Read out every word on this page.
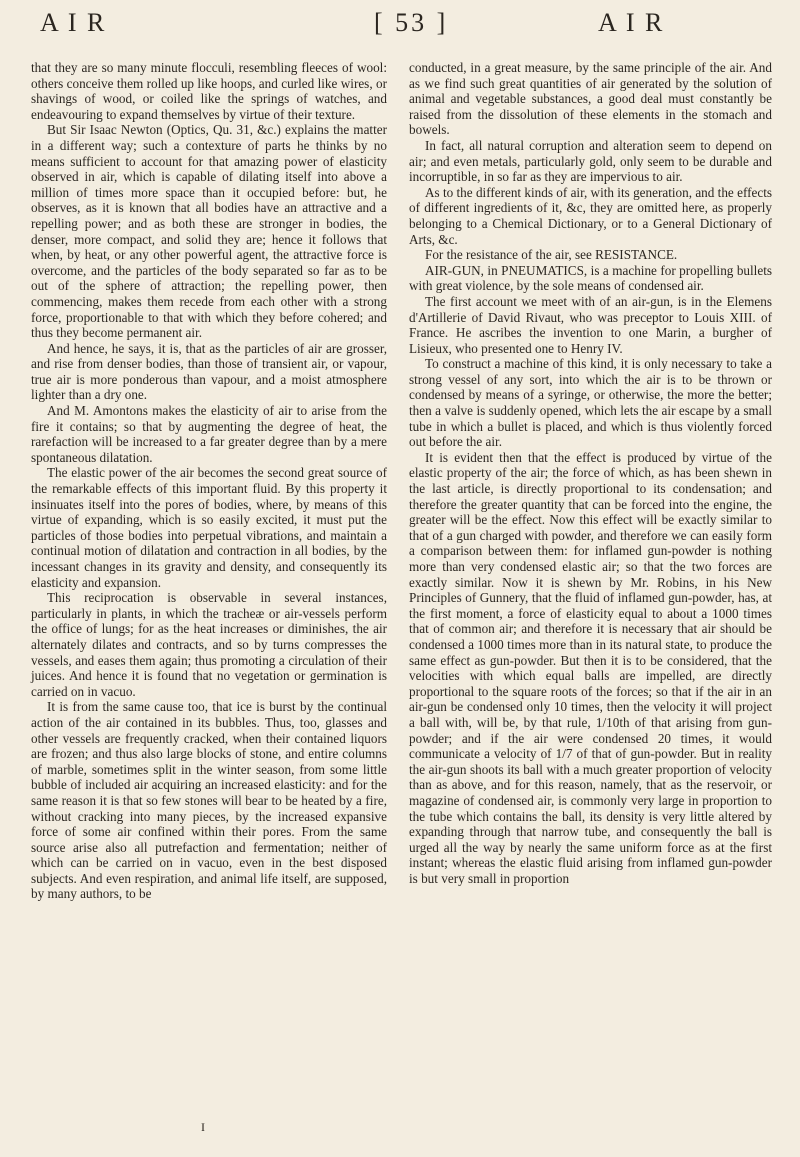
A I R	[ 53 ]	A I R

that they are so many minute flocculi, resembling fleeces of wool: others conceive them rolled up like hoops, and curled like wires, or shavings of wood, or coiled like the springs of watches, and endeavouring to expand themselves by virtue of their texture.

But Sir Isaac Newton (Optics, Qu. 31, &c.) explains the matter in a different way; such a contexture of parts he thinks by no means sufficient to account for that amazing power of elasticity observed in air, which is capable of dilating itself into above a million of times more space than it occupied before: but, he observes, as it is known that all bodies have an attractive and a repelling power; and as both these are stronger in bodies, the denser, more compact, and solid they are; hence it follows that when, by heat, or any other powerful agent, the attractive force is overcome, and the particles of the body separated so far as to be out of the sphere of attraction; the repelling power, then commencing, makes them recede from each other with a strong force, proportionable to that with which they before cohered; and thus they become permanent air.

And hence, he says, it is, that as the particles of air are grosser, and rise from denser bodies, than those of transient air, or vapour, true air is more ponderous than vapour, and a moist atmosphere lighter than a dry one.

And M. Amontons makes the elasticity of air to arise from the fire it contains; so that by augmenting the degree of heat, the rarefaction will be increased to a far greater degree than by a mere spontaneous dilatation.

The elastic power of the air becomes the second great source of the remarkable effects of this important fluid. By this property it insinuates itself into the pores of bodies, where, by means of this virtue of expanding, which is so easily excited, it must put the particles of those bodies into perpetual vibrations, and maintain a continual motion of dilatation and contraction in all bodies, by the incessant changes in its gravity and density, and consequently its elasticity and expansion.

This reciprocation is observable in several instances, particularly in plants, in which the tracheæ or air-vessels perform the office of lungs; for as the heat increases or diminishes, the air alternately dilates and contracts, and so by turns compresses the vessels, and eases them again; thus promoting a circulation of their juices. And hence it is found that no vegetation or germination is carried on in vacuo.

It is from the same cause too, that ice is burst by the continual action of the air contained in its bubbles. Thus, too, glasses and other vessels are frequently cracked, when their contained liquors are frozen; and thus also large blocks of stone, and entire columns of marble, sometimes split in the winter season, from some little bubble of included air acquiring an increased elasticity: and for the same reason it is that so few stones will bear to be heated by a fire, without cracking into many pieces, by the increased expansive force of some air confined within their pores. From the same source arise also all putrefaction and fermentation; neither of which can be carried on in vacuo, even in the best disposed subjects. And even respiration, and animal life itself, are supposed, by many authors, to be

conducted, in a great measure, by the same principle of the air. And as we find such great quantities of air generated by the solution of animal and vegetable substances, a good deal must constantly be raised from the dissolution of these elements in the stomach and bowels.

In fact, all natural corruption and alteration seem to depend on air; and even metals, particularly gold, only seem to be durable and incorruptible, in so far as they are impervious to air.

As to the different kinds of air, with its generation, and the effects of different ingredients of it, &c, they are omitted here, as properly belonging to a Chemical Dictionary, or to a General Dictionary of Arts, &c.

For the resistance of the air, see RESISTANCE.

AIR-GUN, in PNEUMATICS, is a machine for propelling bullets with great violence, by the sole means of condensed air.

The first account we meet with of an air-gun, is in the Elemens d'Artillerie of David Rivaut, who was preceptor to Louis XIII. of France. He ascribes the invention to one Marin, a burgher of Lisieux, who presented one to Henry IV.

To construct a machine of this kind, it is only necessary to take a strong vessel of any sort, into which the air is to be thrown or condensed by means of a syringe, or otherwise, the more the better; then a valve is suddenly opened, which lets the air escape by a small tube in which a bullet is placed, and which is thus violently forced out before the air.

It is evident then that the effect is produced by virtue of the elastic property of the air; the force of which, as has been shewn in the last article, is directly proportional to its condensation; and therefore the greater quantity that can be forced into the engine, the greater will be the effect. Now this effect will be exactly similar to that of a gun charged with powder, and therefore we can easily form a comparison between them: for inflamed gun-powder is nothing more than very condensed elastic air; so that the two forces are exactly similar. Now it is shewn by Mr. Robins, in his New Principles of Gunnery, that the fluid of inflamed gun-powder, has, at the first moment, a force of elasticity equal to about a 1000 times that of common air; and therefore it is necessary that air should be condensed a 1000 times more than in its natural state, to produce the same effect as gun-powder. But then it is to be considered, that the velocities with which equal balls are impelled, are directly proportional to the square roots of the forces; so that if the air in an air-gun be condensed only 10 times, then the velocity it will project a ball with, will be, by that rule, 1/10th of that arising from gun-powder; and if the air were condensed 20 times, it would communicate a velocity of 1/7 of that of gun-powder. But in reality the air-gun shoots its ball with a much greater proportion of velocity than as above, and for this reason, namely, that as the reservoir, or magazine of condensed air, is commonly very large in proportion to the tube which contains the ball, its density is very little altered by expanding through that narrow tube, and consequently the ball is urged all the way by nearly the same uniform force as at the first instant; whereas the elastic fluid arising from inflamed gun-powder is but very small in proportion

I
